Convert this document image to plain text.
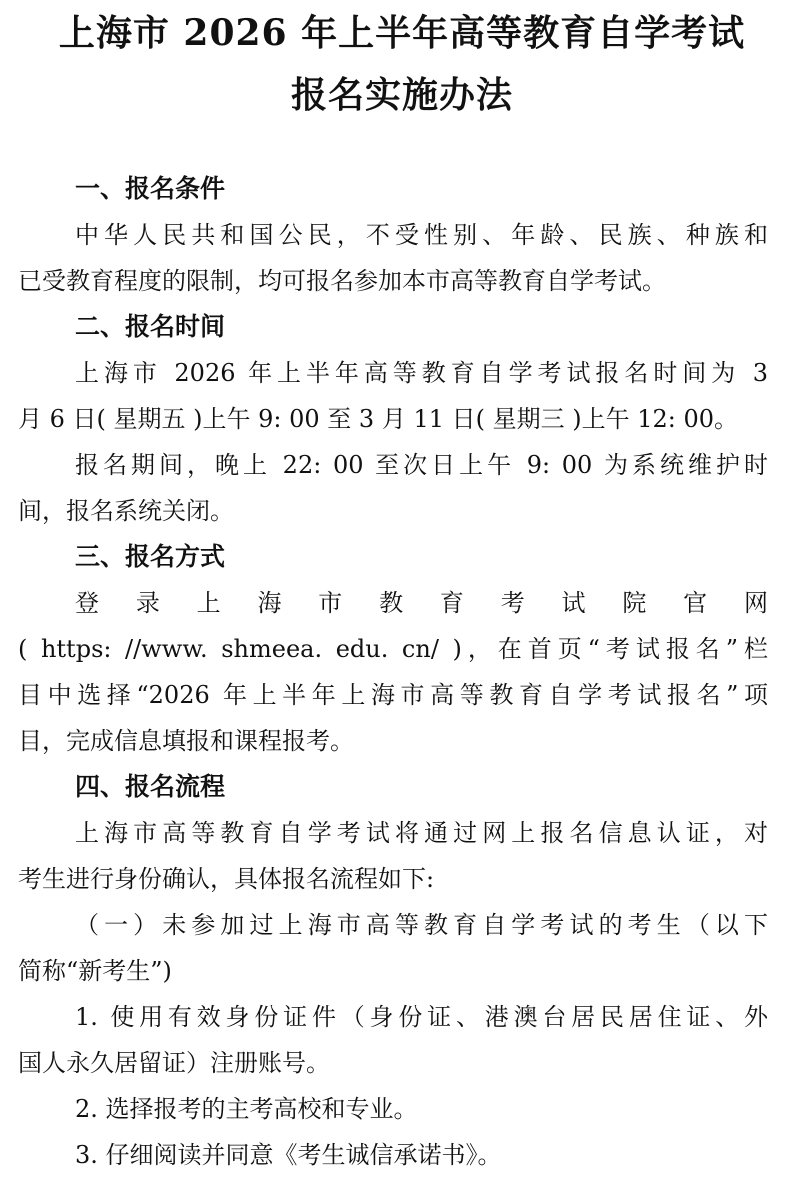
上海市 2026 年上半年高等教育自学考试
报名实施办法
一、报名条件
中华人民共和国公民，不受性别、年龄、民族、种族和
已受教育程度的限制，均可报名参加本市高等教育自学考试。
二、报名时间
上海市 2026 年上半年高等教育自学考试报名时间为 3
月 6 日( 星期五 )上午 9: 00 至 3 月 11 日( 星期三 )上午 12: 00。
报名期间，晚上 22: 00 至次日上午 9: 00 为系统维护时
间，报名系统关闭。
三、报名方式
登 录 上 海 市 教 育 考 试 院 官 网
( https: //www. shmeea. edu. cn/ )，在首页“考试报名”栏
目中选择“2026 年上半年上海市高等教育自学考试报名”项
目，完成信息填报和课程报考。
四、报名流程
上海市高等教育自学考试将通过网上报名信息认证，对
考生进行身份确认，具体报名流程如下:
（一）未参加过上海市高等教育自学考试的考生（以下
简称“新考生”)
1. 使用有效身份证件（身份证、港澳台居民居住证、外
国人永久居留证）注册账号。
2. 选择报考的主考高校和专业。
3. 仔细阅读并同意《考生诚信承诺书》。
